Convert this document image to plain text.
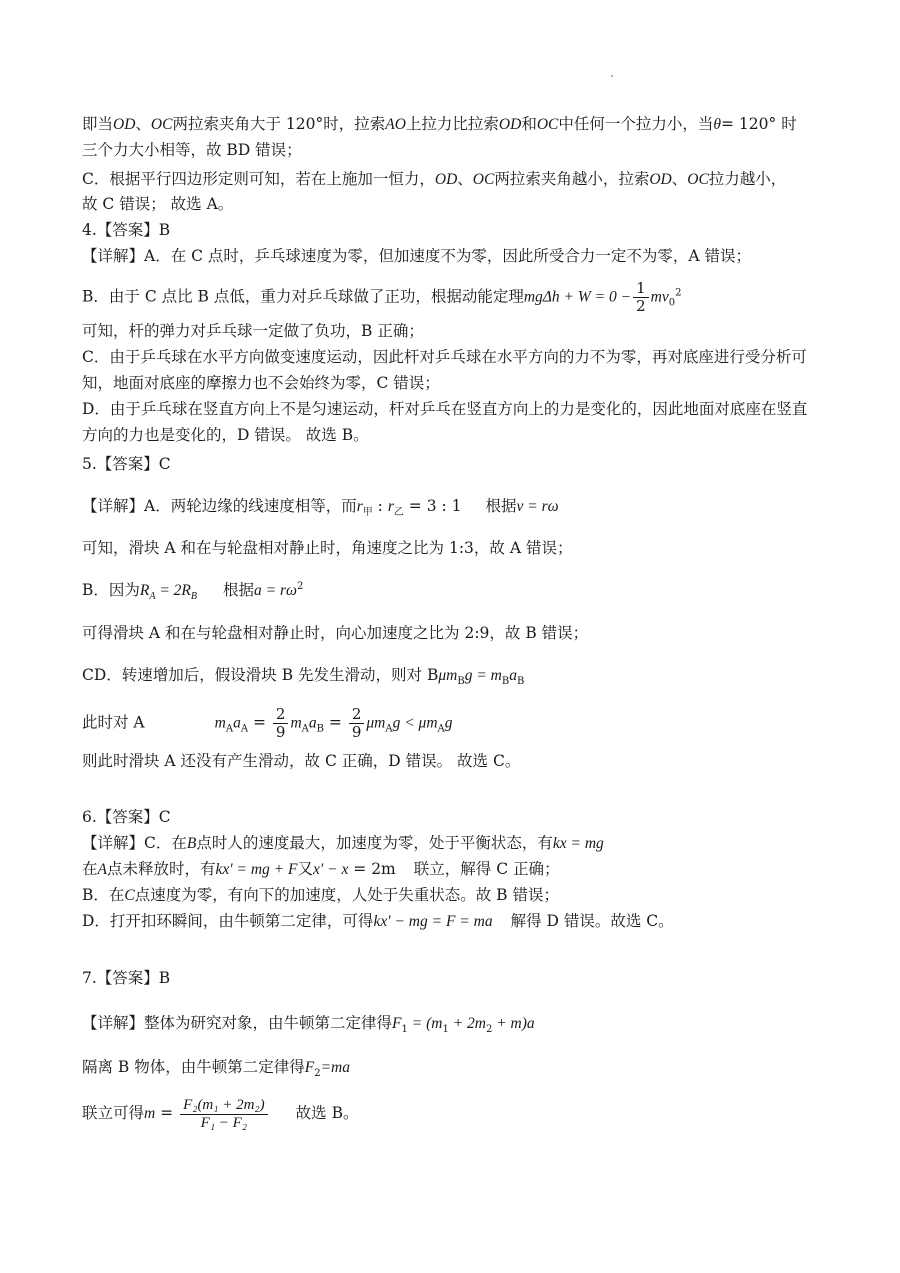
即当OD、OC两拉索夹角大于 120°时，拉索AO上拉力比拉索OD和OC中任何一个拉力小，当θ= 120° 时
三个力大小相等，故 BD 错误；
C．根据平行四边形定则可知，若在上施加一恒力，OD、OC两拉索夹角越小，拉索OD、OC拉力越小，
故 C 错误； 故选 A。
4.【答案】B
【详解】A．在 C 点时，乒乓球速度为零，但加速度不为零，因此所受合力一定不为零，A 错误；
B．由于 C 点比 B 点低，重力对乒乓球做了正功，根据动能定理$mg\Delta h + W = 0 - \frac{1}{2} mv_0^2$
可知，杆的弹力对乒乓球一定做了负功，B 正确；
C．由于乒乓球在水平方向做变速度运动，因此杆对乒乓球在水平方向的力不为零，再对底座进行受分析可
知，地面对底座的摩擦力也不会始终为零，C 错误；
D．由于乒乓球在竖直方向上不是匀速运动，杆对乒乓在竖直方向上的力是变化的，因此地面对底座在竖直
方向的力也是变化的，D 错误。 故选 B。
5.【答案】C
【详解】A．两轮边缘的线速度相等，而$r_甲$ : $r_乙 = 3$ : 1 根据v = rω
可知，滑块 A 和在与轮盘相对静止时，角速度之比为 1:3，故 A 错误；
B．因为$R_A = 2R_B$ 根据$a = r\omega^2$
可得滑块 A 和在与轮盘相对静止时，向心加速度之比为 2:9，故 B 错误；
CD．转速增加后，假设滑块 B 先发生滑动，则对 $B\mu m_Bg = m_Ba_B$
此时对 A	$m_Aa_A = \frac{2}{9} m_Aa_B = \frac{2}{9} \mu m_Ag < \mu m_Ag$
则此时滑块 A 还没有产生滑动，故 C 正确，D 错误。 故选 C。
6.【答案】C
【详解】C．在B点时人的速度最大，加速度为零，处于平衡状态，有kx = mg
在A点未释放时，有kx′ = mg + F又x′ − x = 2m 联立，解得 C 正确；
B．在C点速度为零，有向下的加速度，人处于失重状态。故 B 错误；
D．打开扣环瞬间，由牛顿第二定律，可得kx′ − mg = F = ma 解得 D 错误。故选 C。
7.【答案】B
【详解】整体为研究对象，由牛顿第二定律得$F_1 = (m_1 + 2m_2 + m)a$
隔离 B 物体，由牛顿第二定律得$F_2=ma$
联立可得$m = \frac{\text{F₂(m₁ + 2m₂)}}{\text{F₁ − F₂}}$ 故选 B。
